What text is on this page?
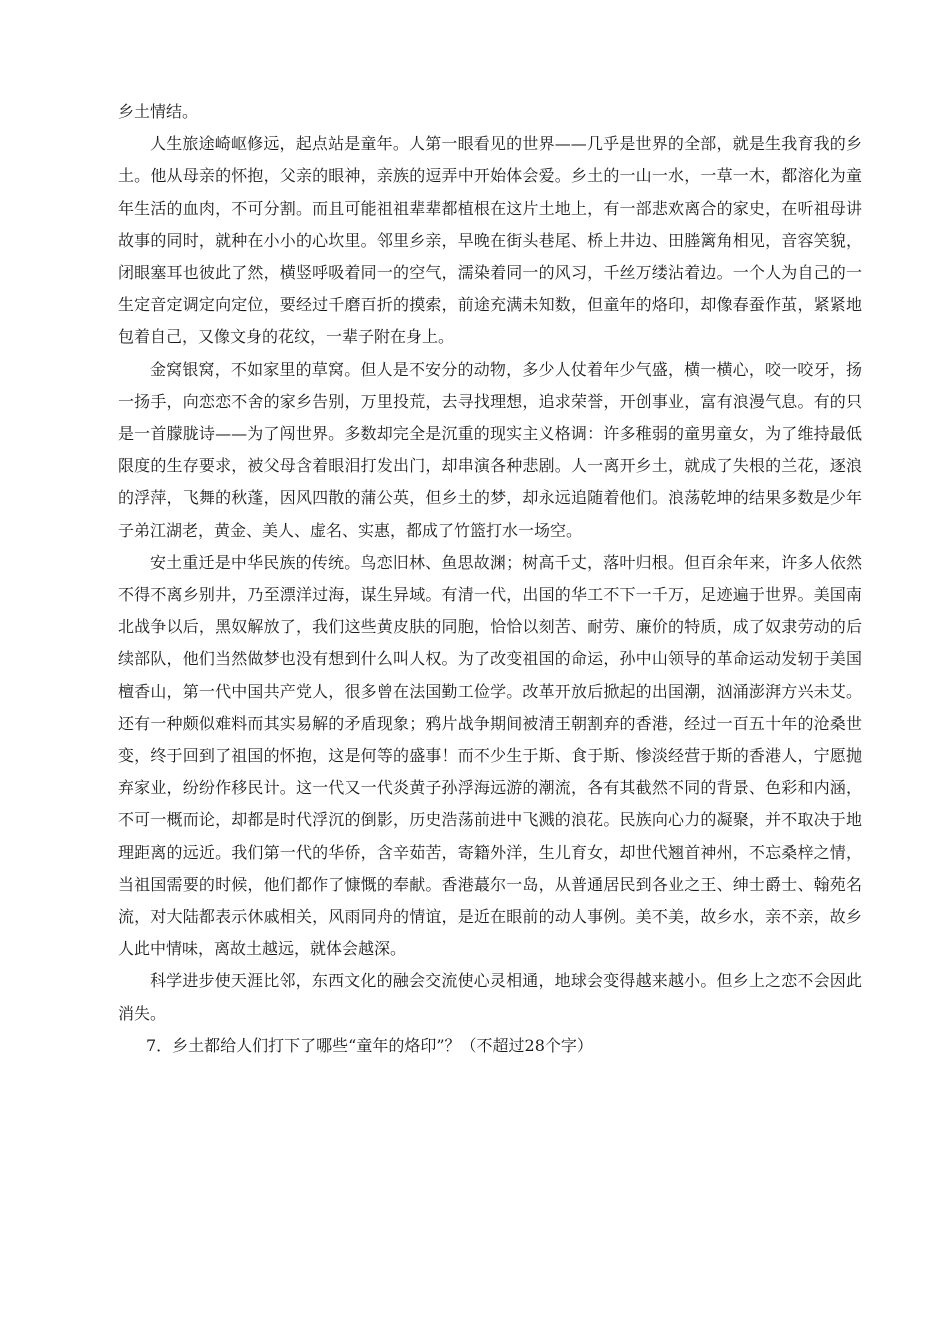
乡土情结。

人生旅途崎岖修远，起点站是童年。人第一眼看见的世界——几乎是世界的全部，就是生我育我的乡土。他从母亲的怀抱，父亲的眼神，亲族的逗弄中开始体会爱。乡土的一山一水，一草一木，都溶化为童年生活的血肉，不可分割。而且可能祖祖辈辈都植根在这片土地上，有一部悲欢离合的家史，在听祖母讲故事的同时，就种在小小的心坎里。邻里乡亲，早晚在街头巷尾、桥上井边、田塍篱角相见，音容笑貌，闭眼塞耳也彼此了然，横竖呼吸着同一的空气，濡染着同一的风习，千丝万缕沾着边。一个人为自己的一生定音定调定向定位，要经过千磨百折的摸索，前途充满未知数，但童年的烙印，却像春蚕作茧，紧紧地包着自己，又像文身的花纹，一辈子附在身上。

金窝银窝，不如家里的草窝。但人是不安分的动物，多少人仗着年少气盛，横一横心，咬一咬牙，扬一扬手，向恋恋不舍的家乡告别，万里投荒，去寻找理想，追求荣誉，开创事业，富有浪漫气息。有的只是一首朦胧诗——为了闯世界。多数却完全是沉重的现实主义格调：许多稚弱的童男童女，为了维持最低限度的生存要求，被父母含着眼泪打发出门，却串演各种悲剧。人一离开乡土，就成了失根的兰花，逐浪的浮萍，飞舞的秋蓬，因风四散的蒲公英，但乡土的梦，却永远追随着他们。浪荡乾坤的结果多数是少年子弟江湖老，黄金、美人、虚名、实惠，都成了竹篮打水一场空。

安土重迁是中华民族的传统。鸟恋旧林、鱼思故渊；树高千丈，落叶归根。但百余年来，许多人依然不得不离乡别井，乃至漂洋过海，谋生异域。有清一代，出国的华工不下一千万，足迹遍于世界。美国南北战争以后，黑奴解放了，我们这些黄皮肤的同胞，恰恰以刻苦、耐劳、廉价的特质，成了奴隶劳动的后续部队，他们当然做梦也没有想到什么叫人权。为了改变祖国的命运，孙中山领导的革命运动发轫于美国檀香山，第一代中国共产党人，很多曾在法国勤工俭学。改革开放后掀起的出国潮，汹涌澎湃方兴未艾。还有一种颇似难料而其实易解的矛盾现象；鸦片战争期间被清王朝割弃的香港，经过一百五十年的沧桑世变，终于回到了祖国的怀抱，这是何等的盛事！而不少生于斯、食于斯、惨淡经营于斯的香港人，宁愿抛弃家业，纷纷作移民计。这一代又一代炎黄子孙浮海远游的潮流，各有其截然不同的背景、色彩和内涵，不可一概而论，却都是时代浮沉的倒影，历史浩荡前进中飞溅的浪花。民族向心力的凝聚，并不取决于地理距离的远近。我们第一代的华侨，含辛茹苦，寄籍外洋，生儿育女，却世代翘首神州，不忘桑梓之情，当祖国需要的时候，他们都作了慷慨的奉献。香港蕞尔一岛，从普通居民到各业之王、绅士爵士、翰苑名流，对大陆都表示休戚相关，风雨同舟的情谊，是近在眼前的动人事例。美不美，故乡水，亲不亲，故乡人此中情味，离故土越远，就体会越深。

科学进步使天涯比邻，东西文化的融会交流使心灵相通，地球会变得越来越小。但乡上之恋不会因此消失。

7．乡土都给人们打下了哪些“童年的烙印”？（不超过28个字）
